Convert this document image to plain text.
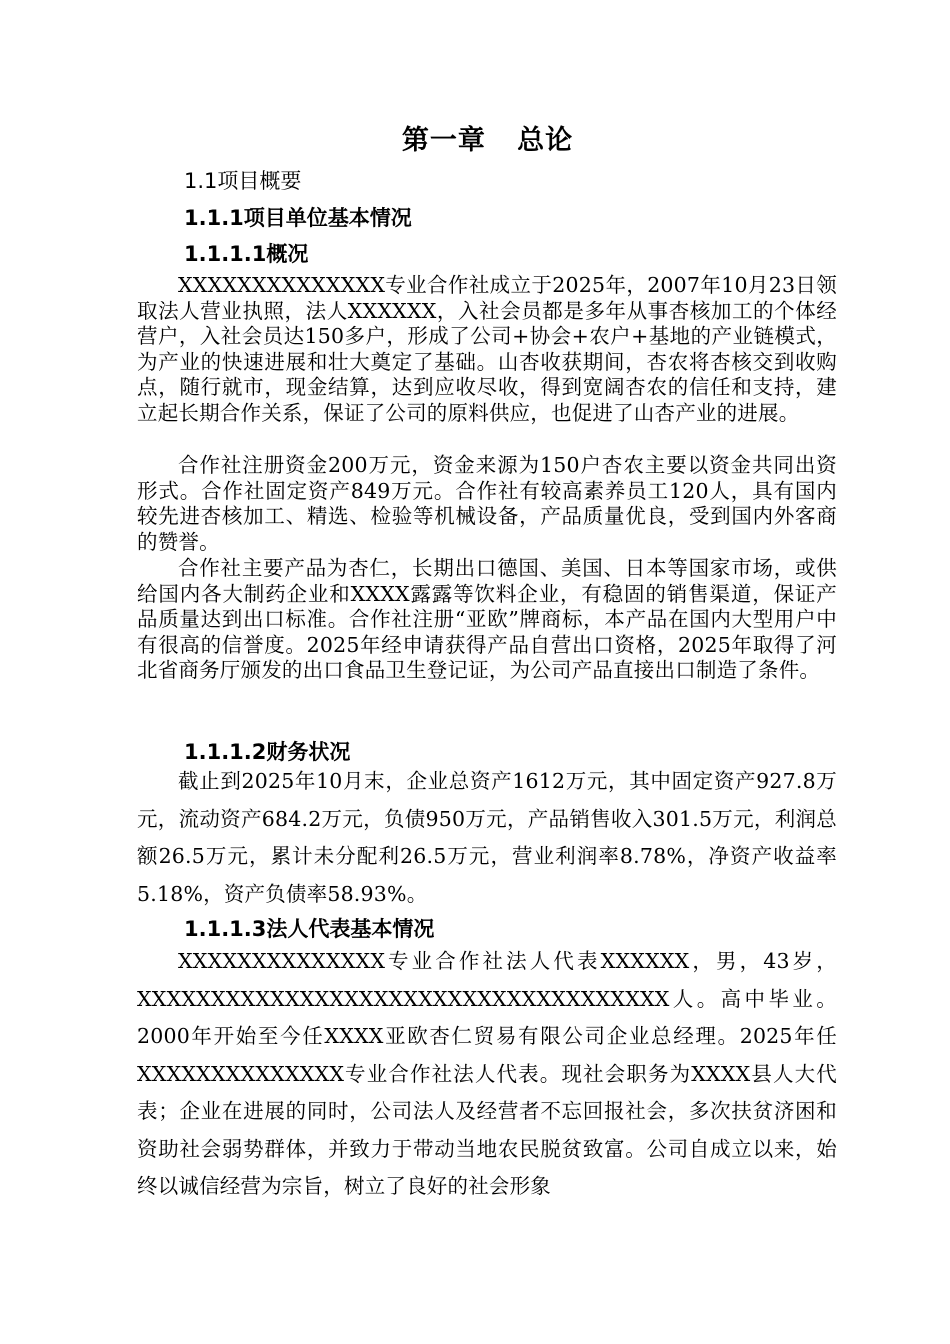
第一章   总论
1.1项目概要
1.1.1项目单位基本情况
1.1.1.1概况

XXXXXXXXXXXXXX专业合作社成立于2025年，2007年10月23日领取法人营业执照，法人XXXXXX，入社会员都是多年从事杏核加工的个体经营户，入社会员达150多户，形成了公司+协会+农户+基地的产业链模式，为产业的快速进展和壮大奠定了基础。山杏收获期间，杏农将杏核交到收购点，随行就市，现金结算，达到应收尽收，得到宽阔杏农的信任和支持，建立起长期合作关系，保证了公司的原料供应，也促进了山杏产业的进展。

合作社注册资金200万元，资金来源为150户杏农主要以资金共同出资形式。合作社固定资产849万元。合作社有较高素养员工120人，具有国内较先进杏核加工、精选、检验等机械设备，产品质量优良，受到国内外客商的赞誉。

合作社主要产品为杏仁，长期出口德国、美国、日本等国家市场，或供给国内各大制药企业和XXXX露露等饮料企业，有稳固的销售渠道，保证产品质量达到出口标准。合作社注册“亚欧”牌商标，本产品在国内大型用户中有很高的信誉度。2025年经申请获得产品自营出口资格，2025年取得了河北省商务厅颁发的出口食品卫生登记证，为公司产品直接出口制造了条件。

1.1.1.2财务状况

截止到2025年10月末，企业总资产1612万元，其中固定资产927.8万元，流动资产684.2万元，负债950万元，产品销售收入301.5万元，利润总额26.5万元，累计未分配利26.5万元，营业利润率8.78%，净资产收益率5.18%，资产负债率58.93%。

1.1.1.3法人代表基本情况

XXXXXXXXXXXXXX专业合作社法人代表XXXXXX，男，43岁，XXXXXXXXXXXXXXXXXXXXXXXXXXXXXXXXXXXX人。高中毕业。2000年开始至今任XXXX亚欧杏仁贸易有限公司企业总经理。2025年任XXXXXXXXXXXXXX专业合作社法人代表。现社会职务为XXXX县人大代表；企业在进展的同时，公司法人及经营者不忘回报社会，多次扶贫济困和资助社会弱势群体，并致力于带动当地农民脱贫致富。公司自成立以来，始终以诚信经营为宗旨，树立了良好的社会形象
